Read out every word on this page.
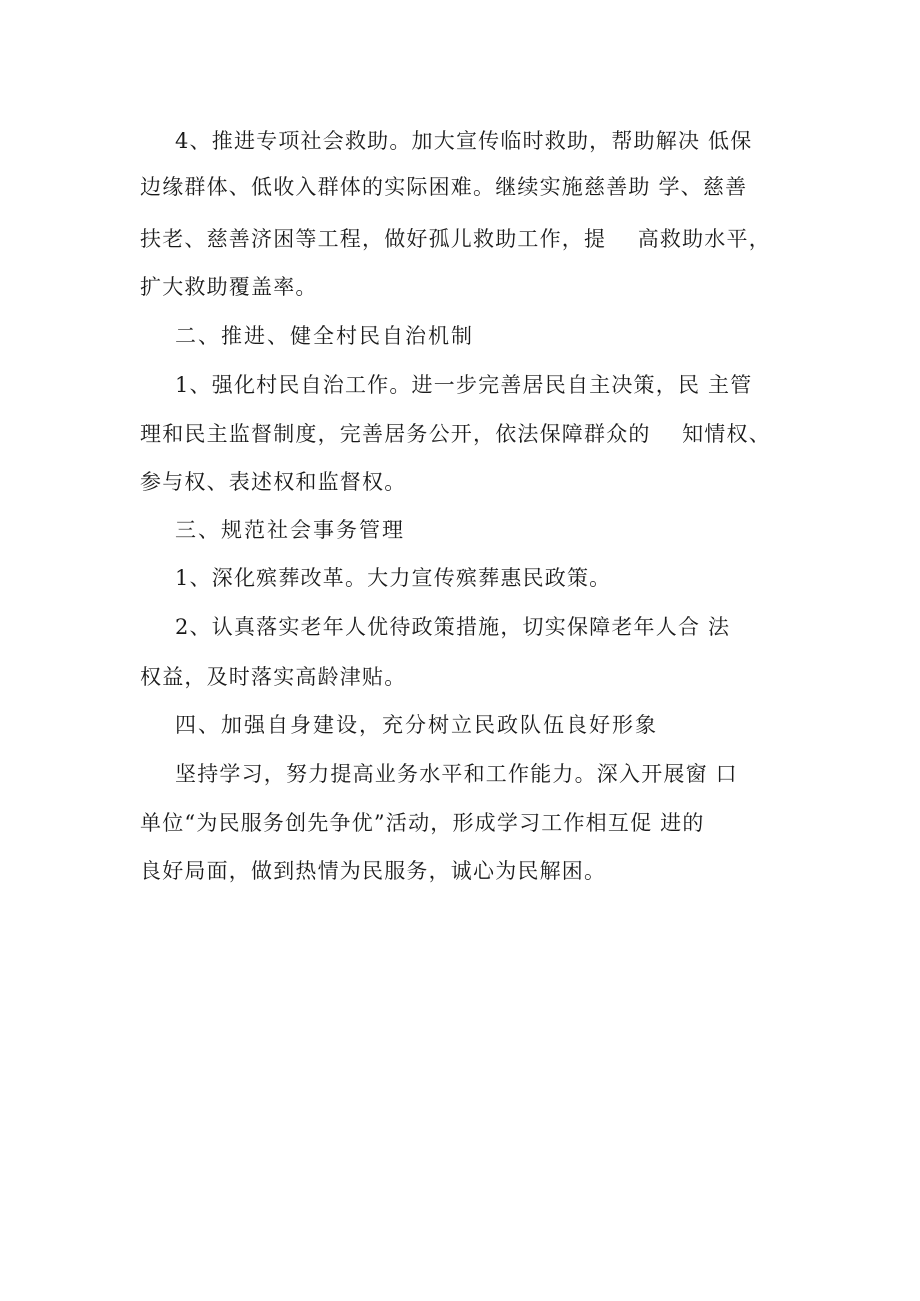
4、推进专项社会救助。加大宣传临时救助，帮助解决 低保
边缘群体、低收入群体的实际困难。继续实施慈善助 学、慈善
扶老、慈善济困等工程，做好孤儿救助工作，提    高救助水平，
扩大救助覆盖率。
二、推进、健全村民自治机制
1、强化村民自治工作。进一步完善居民自主决策，民 主管
理和民主监督制度，完善居务公开，依法保障群众的    知情权、
参与权、表述权和监督权。
三、规范社会事务管理
1、深化殡葬改革。大力宣传殡葬惠民政策。
2、认真落实老年人优待政策措施，切实保障老年人合 法
权益，及时落实高龄津贴。
四、加强自身建设，充分树立民政队伍良好形象
坚持学习，努力提高业务水平和工作能力。深入开展窗 口
单位“为民服务创先争优”活动，形成学习工作相互促 进的
良好局面，做到热情为民服务，诚心为民解困。
